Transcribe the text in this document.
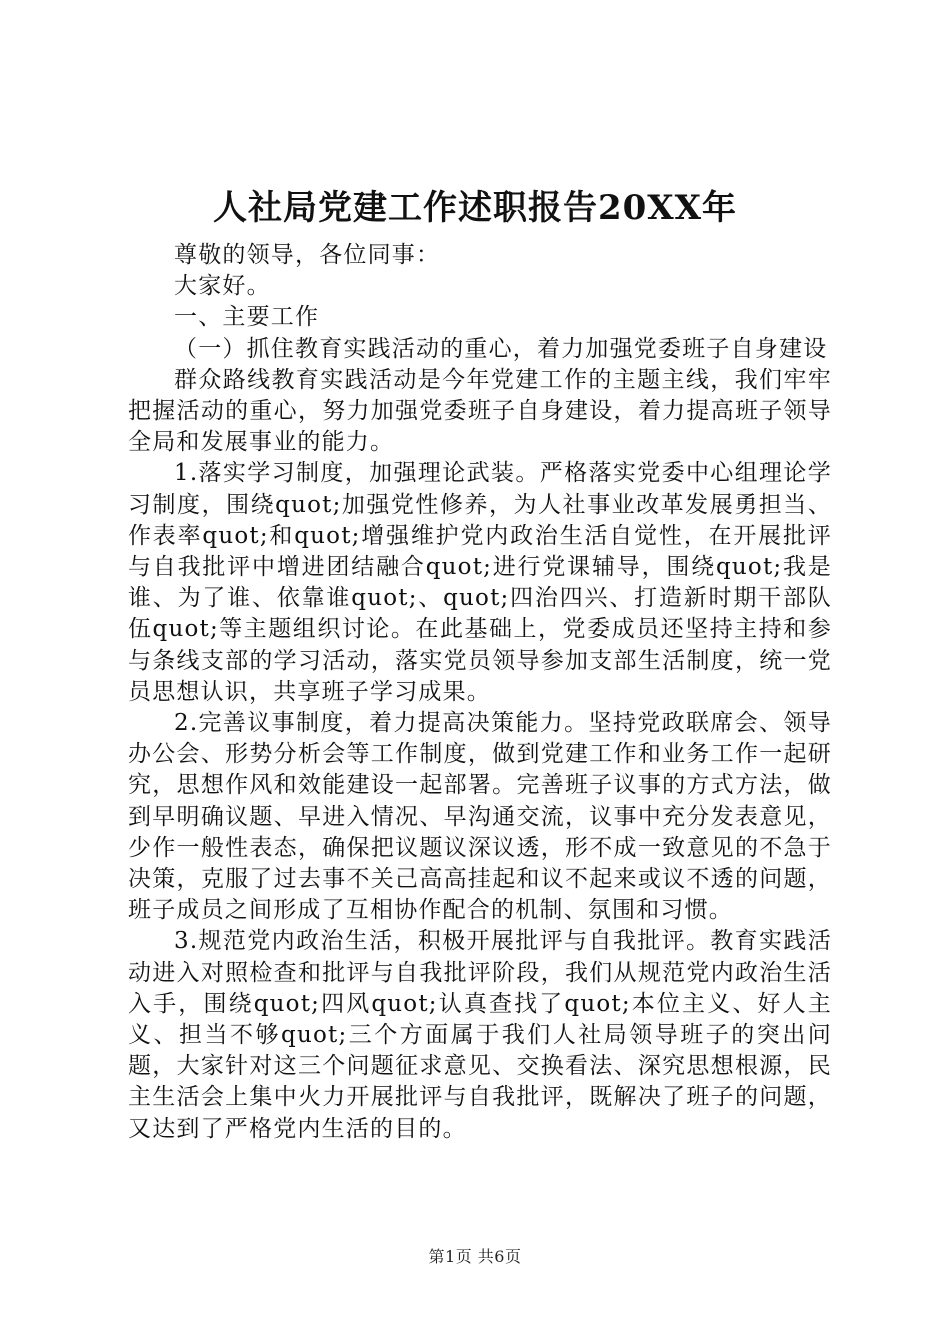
人社局党建工作述职报告20XX年

尊敬的领导，各位同事：

大家好。

一、主要工作

（一）抓住教育实践活动的重心，着力加强党委班子自身建设

群众路线教育实践活动是今年党建工作的主题主线，我们牢牢把握活动的重心，努力加强党委班子自身建设，着力提高班子领导全局和发展事业的能力。

1.落实学习制度，加强理论武装。严格落实党委中心组理论学习制度，围绕quot;加强党性修养，为人社事业改革发展勇担当、作表率quot;和quot;增强维护党内政治生活自觉性，在开展批评与自我批评中增进团结融合quot;进行党课辅导，围绕quot;我是谁、为了谁、依靠谁quot;、quot;四治四兴、打造新时期干部队伍quot;等主题组织讨论。在此基础上，党委成员还坚持主持和参与条线支部的学习活动，落实党员领导参加支部生活制度，统一党员思想认识，共享班子学习成果。

2.完善议事制度，着力提高决策能力。坚持党政联席会、领导办公会、形势分析会等工作制度，做到党建工作和业务工作一起研究，思想作风和效能建设一起部署。完善班子议事的方式方法，做到早明确议题、早进入情况、早沟通交流，议事中充分发表意见，少作一般性表态，确保把议题议深议透，形不成一致意见的不急于决策，克服了过去事不关己高高挂起和议不起来或议不透的问题，班子成员之间形成了互相协作配合的机制、氛围和习惯。

3.规范党内政治生活，积极开展批评与自我批评。教育实践活动进入对照检查和批评与自我批评阶段，我们从规范党内政治生活入手，围绕quot;四风quot;认真查找了quot;本位主义、好人主义、担当不够quot;三个方面属于我们人社局领导班子的突出问题，大家针对这三个问题征求意见、交换看法、深究思想根源，民主生活会上集中火力开展批评与自我批评，既解决了班子的问题，又达到了严格党内生活的目的。

第1页 共6页
